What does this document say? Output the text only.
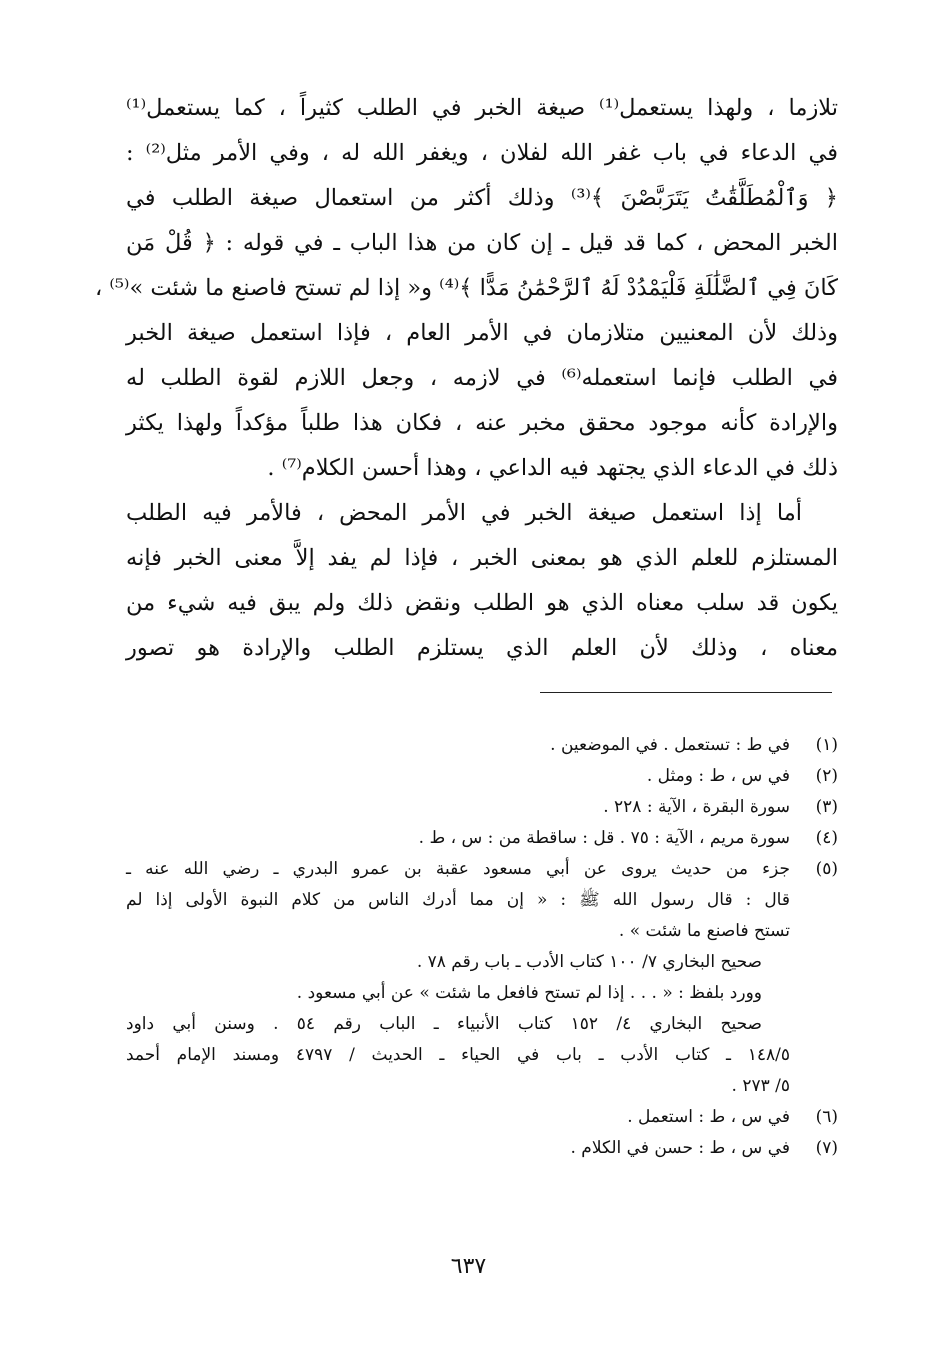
تلازما ، ولهذا يستعمل⁽¹⁾ صيغة الخبر في الطلب كثيراً ، كما يستعمل⁽¹⁾
في الدعاء في باب غفر الله لفلان ، ويغفر الله له ، وفي الأمر مثل⁽²⁾ :
﴿ وَٱلْمُطَلَّقَٰتُ يَتَرَبَّصْنَ ﴾⁽³⁾ وذلك أكثر من استعمال صيغة الطلب في
الخبر المحض ، كما قد قيل ـ إن كان من هذا الباب ـ في قوله : ﴿ قُلْ مَن
كَانَ فِي ٱلضَّلَٰلَةِ فَلْيَمْدُدْ لَهُ ٱلرَّحْمَٰنُ مَدًّا ﴾⁽⁴⁾ و« إذا لم تستح فاصنع ما شئت »⁽⁵⁾ ،
وذلك لأن المعنيين متلازمان في الأمر العام ، فإذا استعمل صيغة الخبر
في الطلب فإنما استعمله⁽⁶⁾ في لازمه ، وجعل اللازم لقوة الطلب له
والإرادة كأنه موجود محقق مخبر عنه ، فكان هذا طلباً مؤكداً ولهذا يكثر
ذلك في الدعاء الذي يجتهد فيه الداعي ، وهذا أحسن الكلام⁽⁷⁾ .
أما إذا استعمل صيغة الخبر في الأمر المحض ، فالأمر فيه الطلب
المستلزم للعلم الذي هو بمعنى الخبر ، فإذا لم يفد إلاَّ معنى الخبر فإنه
يكون قد سلب معناه الذي هو الطلب ونقض ذلك ولم يبق فيه شيء من
معناه ، وذلك لأن العلم الذي يستلزم الطلب والإرادة هو تصور
(١)
في ط : تستعمل . في الموضعين .
(٢)
في س ، ط : ومثل .
(٣)
سورة البقرة ، الآية : ٢٢٨ .
(٤)
سورة مريم ، الآية : ٧٥ . قل : ساقطة من : س ، ط .
(٥)
جزء من حديث يروى عن أبي مسعود عقبة بن عمرو البدري ـ رضي الله عنه ـ
قال : قال رسول الله ﷺ : « إن مما أدرك الناس من كلام النبوة الأولى إذا لم
تستح فاصنع ما شئت » .
صحيح البخاري ٧/ ١٠٠ كتاب الأدب ـ باب رقم ٧٨ .
وورد بلفظ : « . . . إذا لم تستح فافعل ما شئت » عن أبي مسعود .
صحيح البخاري ٤/ ١٥٢ كتاب الأنبياء ـ الباب رقم ٥٤ . وسنن أبي داود
١٤٨/٥ ـ كتاب الأدب ـ باب في الحياء ـ الحديث / ٤٧٩٧ ومسند الإمام أحمد
٥/ ٢٧٣ .
(٦)
في س ، ط : استعمل .
(٧)
في س ، ط : حسن في الكلام .
٦٣٧
